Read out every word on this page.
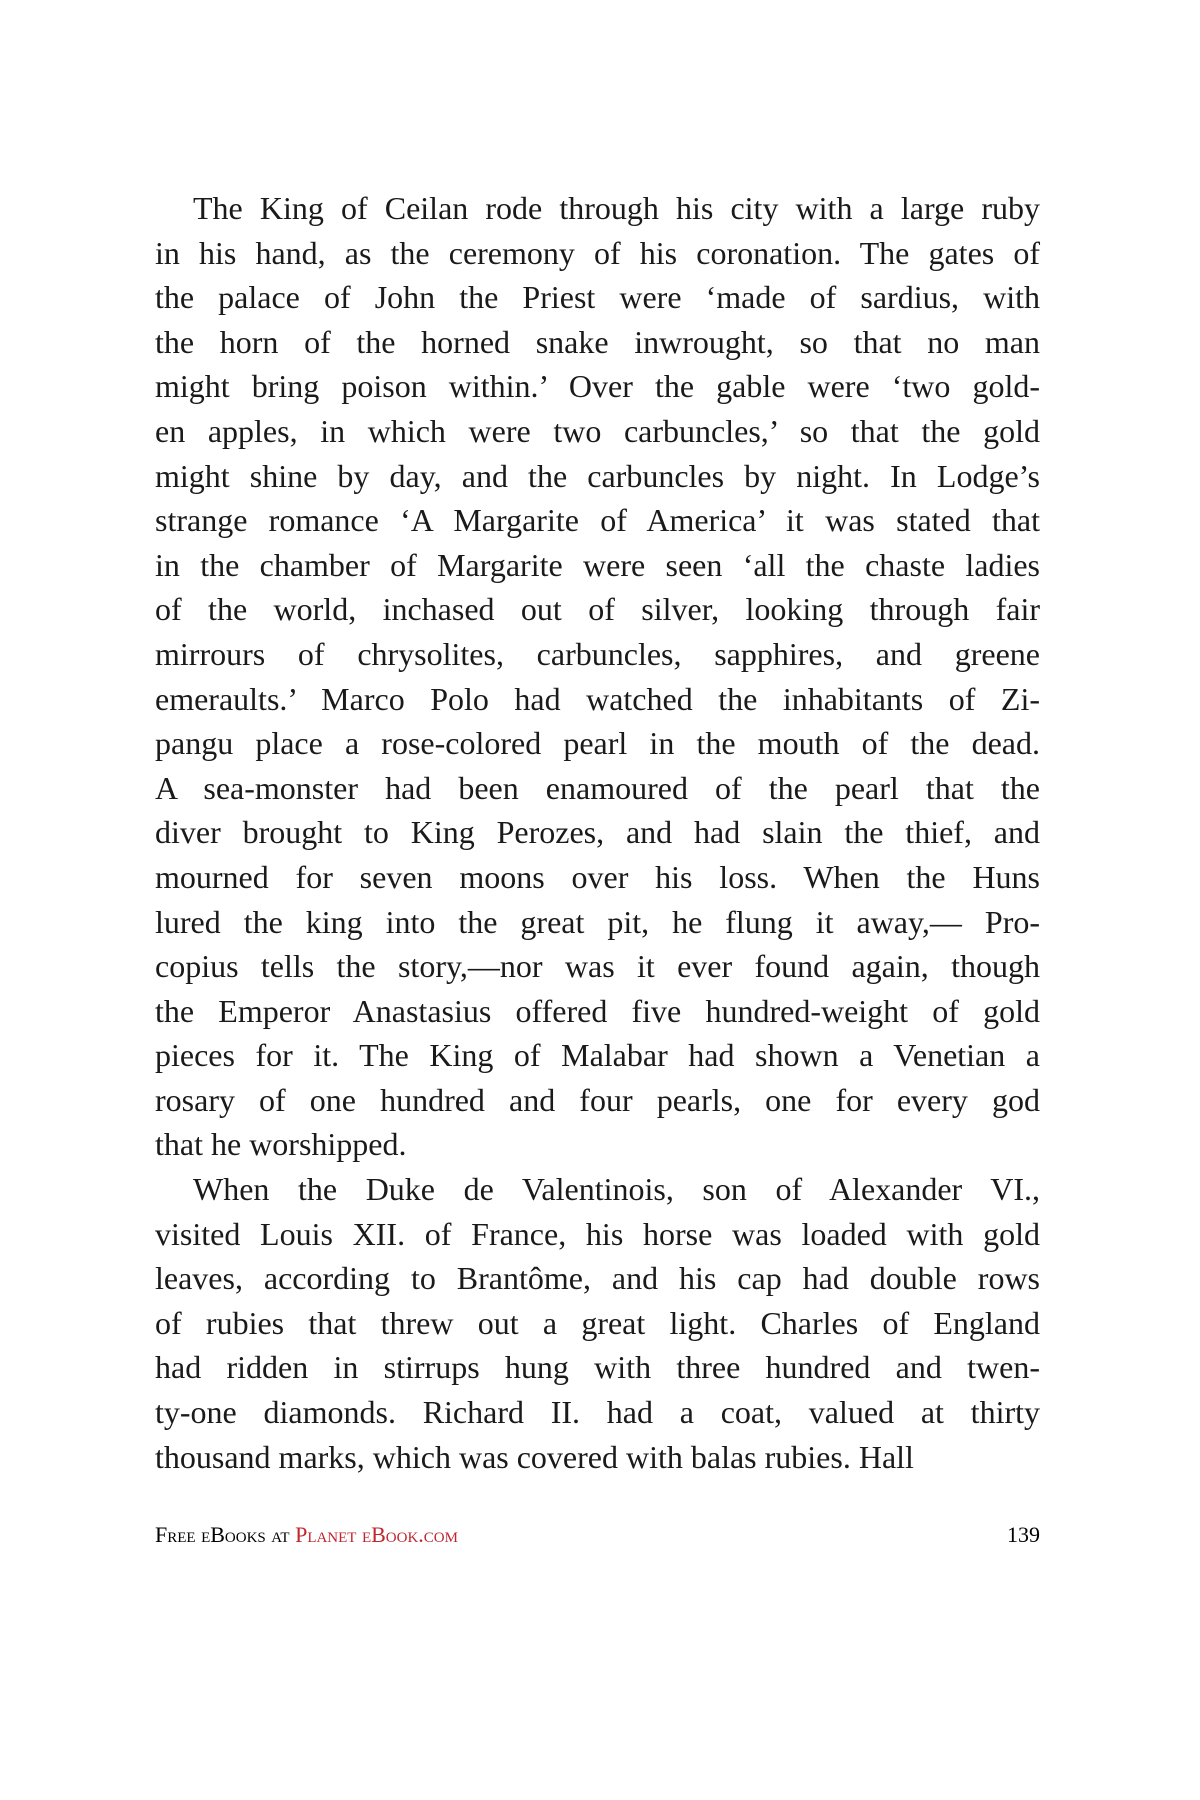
The King of Ceilan rode through his city with a large ruby
in his hand, as the ceremony of his coronation. The gates of
the palace of John the Priest were ‘made of sardius, with
the horn of the horned snake inwrought, so that no man
might bring poison within.’ Over the gable were ‘two gold-
en apples, in which were two carbuncles,’ so that the gold
might shine by day, and the carbuncles by night. In Lodge’s
strange romance ‘A Margarite of America’ it was stated that
in the chamber of Margarite were seen ‘all the chaste ladies
of the world, inchased out of silver, looking through fair
mirrours of chrysolites, carbuncles, sapphires, and greene
emeraults.’ Marco Polo had watched the inhabitants of Zi-
pangu place a rose-colored pearl in the mouth of the dead.
A sea-monster had been enamoured of the pearl that the
diver brought to King Perozes, and had slain the thief, and
mourned for seven moons over his loss. When the Huns
lured the king into the great pit, he flung it away,— Pro-
copius tells the story,—nor was it ever found again, though
the Emperor Anastasius offered five hundred-weight of gold
pieces for it. The King of Malabar had shown a Venetian a
rosary of one hundred and four pearls, one for every god
that he worshipped.
When the Duke de Valentinois, son of Alexander VI.,
visited Louis XII. of France, his horse was loaded with gold
leaves, according to Brantôme, and his cap had double rows
of rubies that threw out a great light. Charles of England
had ridden in stirrups hung with three hundred and twen-
ty-one diamonds. Richard II. had a coat, valued at thirty
thousand marks, which was covered with balas rubies. Hall
Free eBooks at Planet eBook.com	139
